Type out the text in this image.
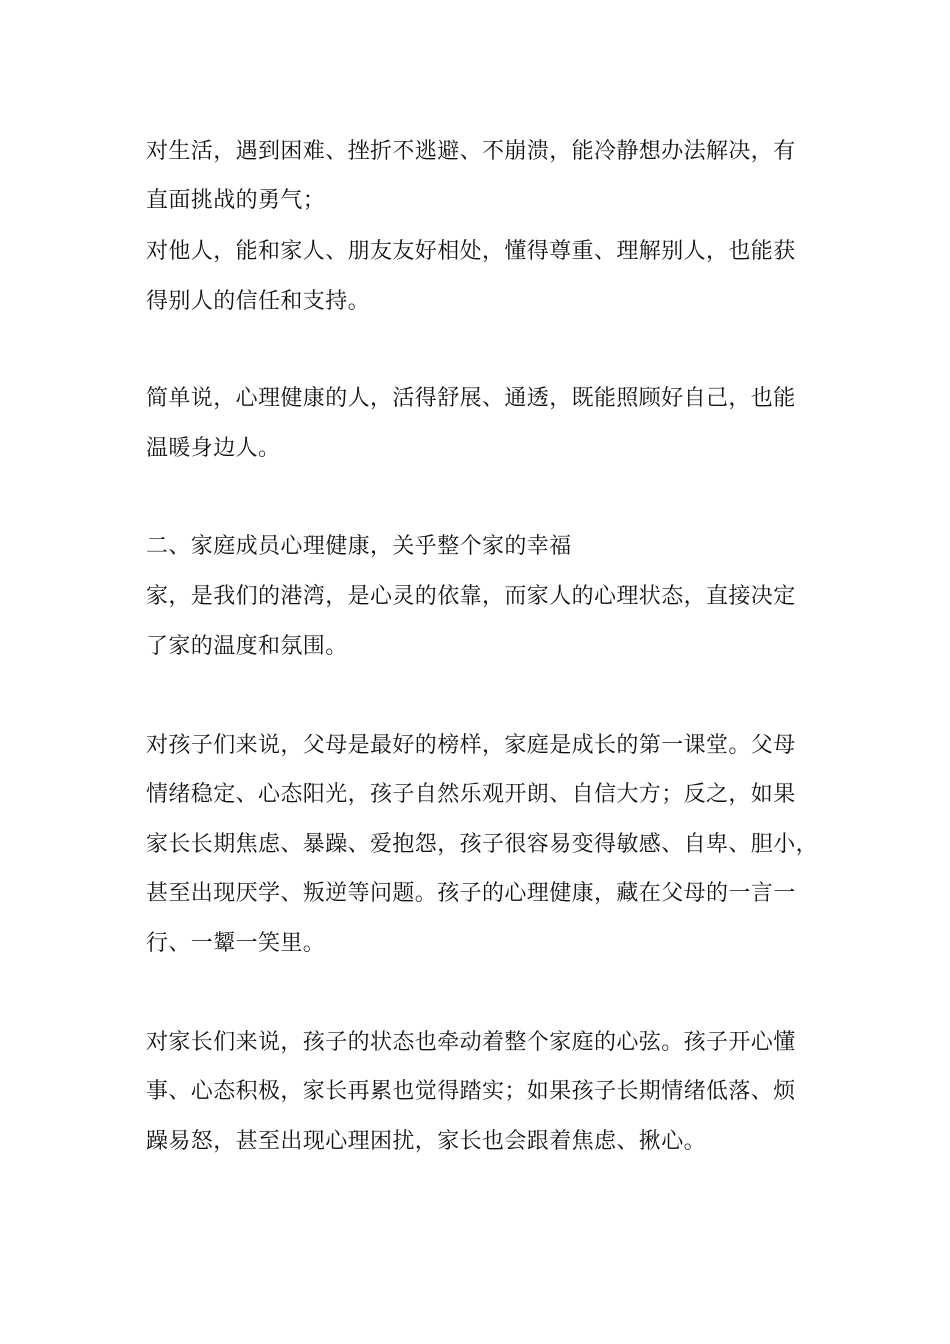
对生活，遇到困难、挫折不逃避、不崩溃，能冷静想办法解决，有
直面挑战的勇气；
对他人，能和家人、朋友友好相处，懂得尊重、理解别人，也能获
得别人的信任和支持。
简单说，心理健康的人，活得舒展、通透，既能照顾好自己，也能
温暖身边人。
二、家庭成员心理健康，关乎整个家的幸福
家，是我们的港湾，是心灵的依靠，而家人的心理状态，直接决定
了家的温度和氛围。
对孩子们来说，父母是最好的榜样，家庭是成长的第一课堂。父母
情绪稳定、心态阳光，孩子自然乐观开朗、自信大方；反之，如果
家长长期焦虑、暴躁、爱抱怨，孩子很容易变得敏感、自卑、胆小，
甚至出现厌学、叛逆等问题。孩子的心理健康，藏在父母的一言一
行、一颦一笑里。
对家长们来说，孩子的状态也牵动着整个家庭的心弦。孩子开心懂
事、心态积极，家长再累也觉得踏实；如果孩子长期情绪低落、烦
躁易怒，甚至出现心理困扰，家长也会跟着焦虑、揪心。
